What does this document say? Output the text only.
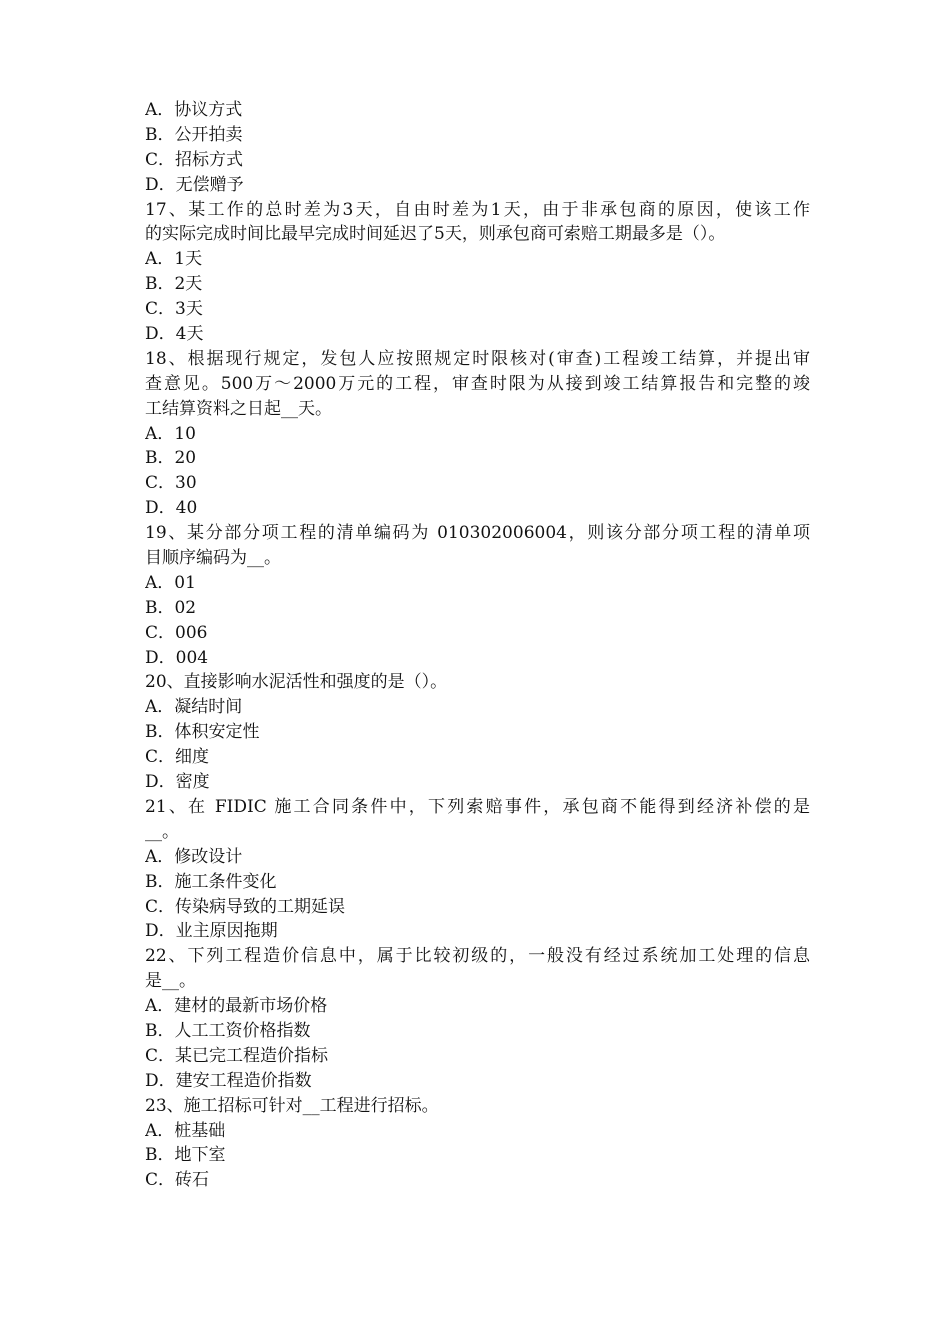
A．协议方式
B．公开拍卖
C．招标方式
D．无偿赠予
17、某工作的总时差为3天，自由时差为1天，由于非承包商的原因，使该工作
的实际完成时间比最早完成时间延迟了5天，则承包商可索赔工期最多是（）。
A．1天
B．2天
C．3天
D．4天
18、根据现行规定，发包人应按照规定时限核对(审查)工程竣工结算，并提出审
查意见。500万～2000万元的工程，审查时限为从接到竣工结算报告和完整的竣
工结算资料之日起__天。
A．10
B．20
C．30
D．40
19、某分部分项工程的清单编码为 010302006004，则该分部分项工程的清单项
目顺序编码为__。
A．01
B．02
C．006
D．004
20、直接影响水泥活性和强度的是（）。
A．凝结时间
B．体积安定性
C．细度
D．密度
21、在 FIDIC 施工合同条件中，下列索赔事件，承包商不能得到经济补偿的是
__。
A．修改设计
B．施工条件变化
C．传染病导致的工期延误
D．业主原因拖期
22、下列工程造价信息中，属于比较初级的，一般没有经过系统加工处理的信息
是__。
A．建材的最新市场价格
B．人工工资价格指数
C．某已完工程造价指标
D．建安工程造价指数
23、施工招标可针对__工程进行招标。
A．桩基础
B．地下室
C．砖石
